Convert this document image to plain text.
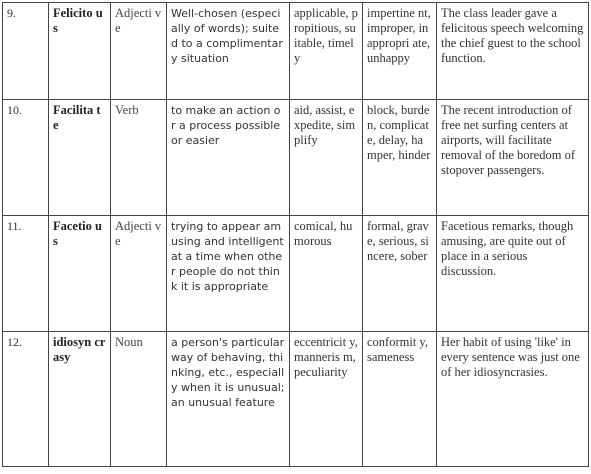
9.	Felicito us	Adjecti ve	Well-chosen (especially of words); suited to a complimentary situation	applicable, propitious, suitable, timely	impertine nt, improper, inappropri ate, unhappy	The class leader gave a felicitous speech welcoming the chief guest to the school function.
10.	Facilita te	Verb	to make an action or a process possible or easier	aid, assist, expedite, simplify	block, burden, complicat e, delay, hamper, hinder	The recent introduction of free net surfing centers at airports, will facilitate removal of the boredom of stopover passengers.
11.	Facetio us	Adjecti ve	trying to appear amusing and intelligent at a time when other people do not think it is appropriate	comical, humorous	formal, grave, serious, sincere, sober	Facetious remarks, though amusing, are quite out of place in a serious discussion.
12.	idiosyn crasy	Noun	a person's particular way of behaving, thinking, etc., especially when it is unusual; an unusual feature	eccentricit y, manneris m, peculiarity	conformit y, sameness	Her habit of using 'like' in every sentence was just one of her idiosyncrasies.
